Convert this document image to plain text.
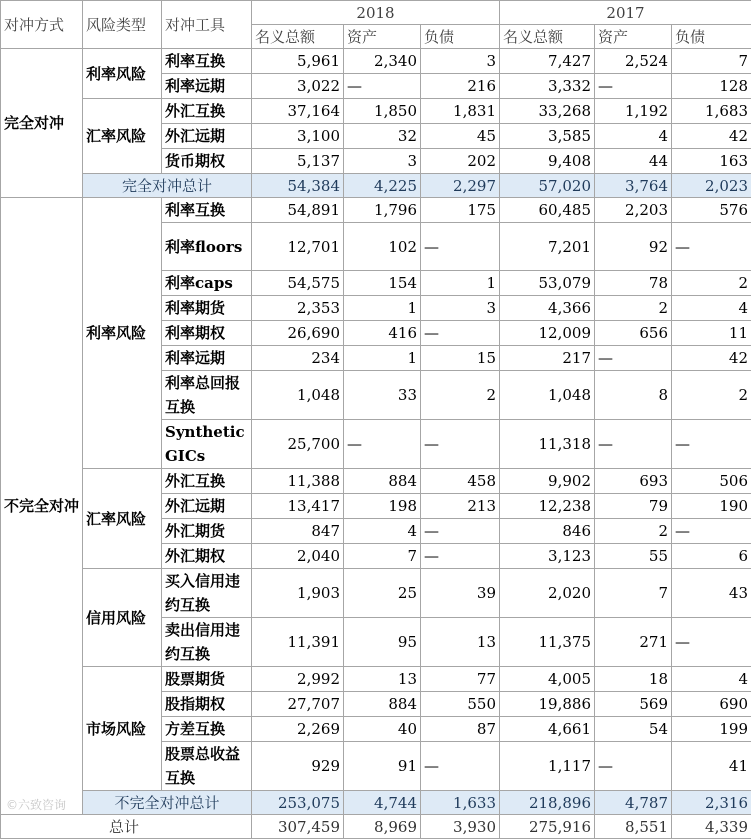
对冲方式	风险类型	对冲工具	2018			2017		
			名义总额	资产	负债	名义总额	资产	负债
完全对冲	利率风险	利率互换	5,961	2,340	3	7,427	2,524	7
		利率远期	3,022	—	216	3,332	—	128
	汇率风险	外汇互换	37,164	1,850	1,831	33,268	1,192	1,683
		外汇远期	3,100	32	45	3,585	4	42
		货币期权	5,137	3	202	9,408	44	163
	完全对冲总计		54,384	4,225	2,297	57,020	3,764	2,023
不完全对冲	利率风险	利率互换	54,891	1,796	175	60,485	2,203	576
		利率floors	12,701	102	—	7,201	92	—
		利率caps	54,575	154	1	53,079	78	2
		利率期货	2,353	1	3	4,366	2	4
		利率期权	26,690	416	—	12,009	656	11
		利率远期	234	1	15	217	—	42
		利率总回报互换	1,048	33	2	1,048	8	2
		Synthetic GICs	25,700	—	—	11,318	—	—
	汇率风险	外汇互换	11,388	884	458	9,902	693	506
		外汇远期	13,417	198	213	12,238	79	190
		外汇期货	847	4	—	846	2	—
		外汇期权	2,040	7	—	3,123	55	6
	信用风险	买入信用违约互换	1,903	25	39	2,020	7	43
		卖出信用违约互换	11,391	95	13	11,375	271	—
	市场风险	股票期货	2,992	13	77	4,005	18	4
		股指期权	27,707	884	550	19,886	569	690
		方差互换	2,269	40	87	4,661	54	199
		股票总收益互换	929	91	—	1,117	—	41
	不完全对冲总计		253,075	4,744	1,633	218,896	4,787	2,316
总计			307,459	8,969	3,930	275,916	8,551	4,339
©六致咨询
